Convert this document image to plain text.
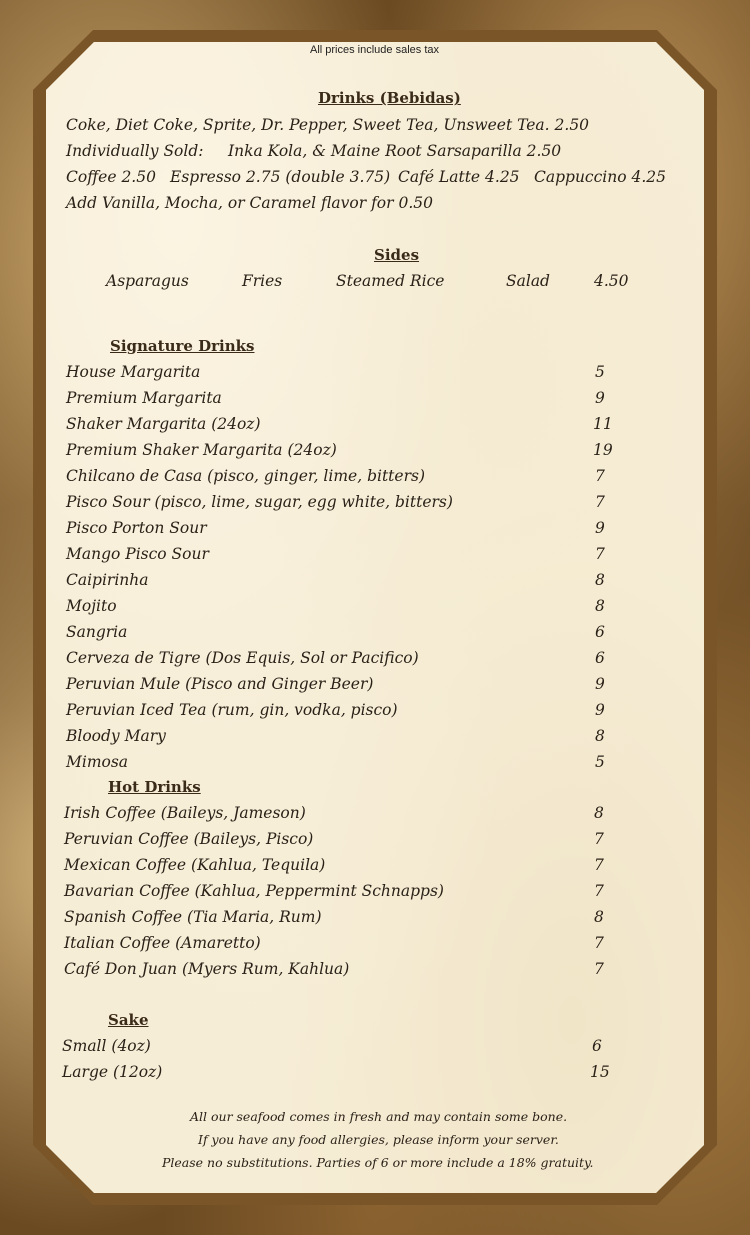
All prices include sales tax
Drinks (Bebidas)
Coke, Diet Coke, Sprite, Dr. Pepper, Sweet Tea, Unsweet Tea. 2.50
Individually Sold: Inka Kola, & Maine Root Sarsaparilla 2.50
Coffee 2.50 Espresso 2.75 (double 3.75) Café Latte 4.25 Cappuccino 4.25
Add Vanilla, Mocha, or Caramel flavor for 0.50
Sides
Asparagus	Fries	Steamed Rice	Salad	4.50
Signature Drinks
House Margarita	5
Premium Margarita	9
Shaker Margarita (24oz)	11
Premium Shaker Margarita (24oz)	19
Chilcano de Casa (pisco, ginger, lime, bitters)	7
Pisco Sour (pisco, lime, sugar, egg white, bitters)	7
Pisco Porton Sour	9
Mango Pisco Sour	7
Caipirinha	8
Mojito	8
Sangria	6
Cerveza de Tigre (Dos Equis, Sol or Pacifico)	6
Peruvian Mule (Pisco and Ginger Beer)	9
Peruvian Iced Tea (rum, gin, vodka, pisco)	9
Bloody Mary	8
Mimosa	5
Hot Drinks
Irish Coffee (Baileys, Jameson)	8
Peruvian Coffee (Baileys, Pisco)	7
Mexican Coffee (Kahlua, Tequila)	7
Bavarian Coffee (Kahlua, Peppermint Schnapps)	7
Spanish Coffee (Tia Maria, Rum)	8
Italian Coffee (Amaretto)	7
Café Don Juan (Myers Rum, Kahlua)	7
Sake
Small (4oz)	6
Large (12oz)	15
All our seafood comes in fresh and may contain some bone.
If you have any food allergies, please inform your server.
Please no substitutions. Parties of 6 or more include a 18% gratuity.
